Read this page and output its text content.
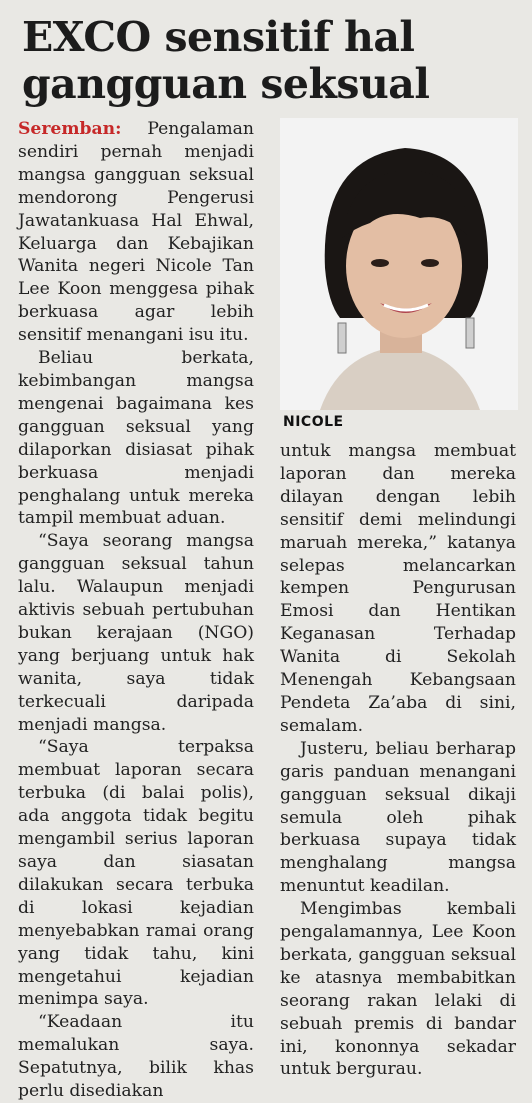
EXCO sensitif hal
gangguan seksual

Seremban: Pengalaman sendiri pernah menjadi mangsa gangguan seksual mendorong Pengerusi Jawatankuasa Hal Ehwal, Keluarga dan Kebajikan Wanita negeri Nicole Tan Lee Koon menggesa pihak berkuasa agar lebih sensitif menangani isu itu.

Beliau berkata, kebimbangan mangsa mengenai bagaimana kes gangguan seksual yang dilaporkan disiasat pihak berkuasa menjadi penghalang untuk mereka tampil membuat aduan.

“Saya seorang mangsa gangguan seksual tahun lalu. Walaupun menjadi aktivis sebuah pertubuhan bukan kerajaan (NGO) yang berjuang untuk hak wanita, saya tidak terkecuali daripada menjadi mangsa.

“Saya terpaksa membuat laporan secara terbuka (di balai polis), ada anggota tidak begitu mengambil serius laporan saya dan siasatan dilakukan secara terbuka di lokasi kejadian menyebabkan ramai orang yang tidak tahu, kini mengetahui kejadian menimpa saya.

“Keadaan itu memalukan saya. Sepatutnya, bilik khas perlu disediakan

NICOLE

untuk mangsa membuat laporan dan mereka dilayan dengan lebih sensitif demi melindungi maruah mereka,” katanya selepas melancarkan kempen Pengurusan Emosi dan Hentikan Keganasan Terhadap Wanita di Sekolah Menengah Kebangsaan Pendeta Za’aba di sini, semalam.

Justeru, beliau berharap garis panduan menangani gangguan seksual dikaji semula oleh pihak berkuasa supaya tidak menghalang mangsa menuntut keadilan.

Mengimbas kembali pengalamannya, Lee Koon berkata, gangguan seksual ke atasnya membabitkan seorang rakan lelaki di sebuah premis di bandar ini, kononnya sekadar untuk bergurau.
